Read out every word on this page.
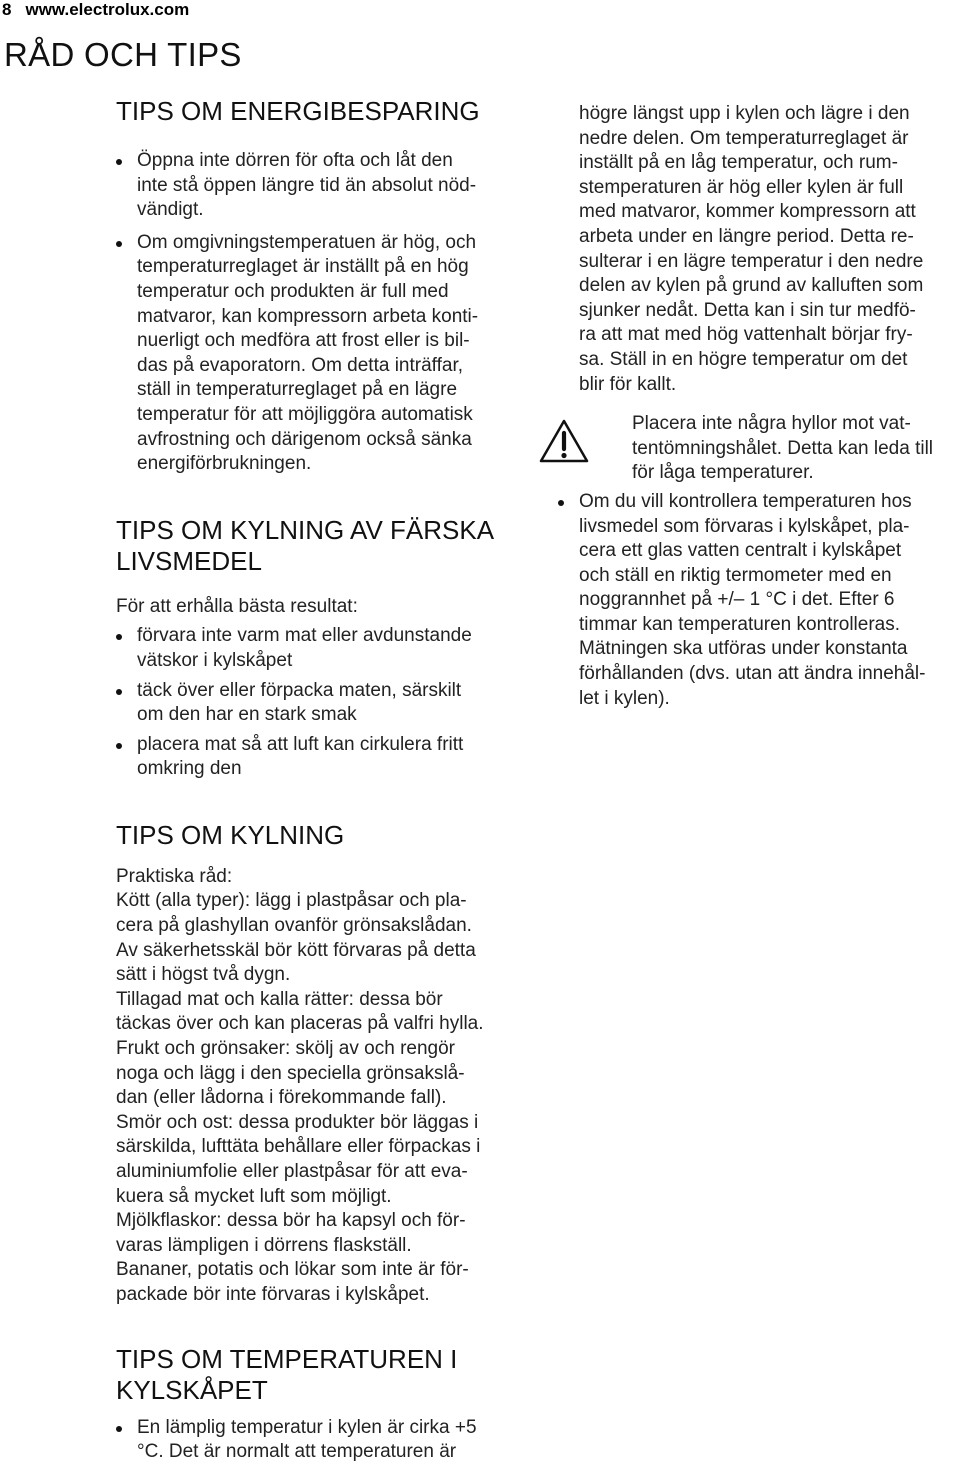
8 www.electrolux.com
RÅD OCH TIPS
TIPS OM ENERGIBESPARING
Öppna inte dörren för ofta och låt den
inte stå öppen längre tid än absolut nöd-
vändigt.
Om omgivningstemperatuen är hög, och
temperaturreglaget är inställt på en hög
temperatur och produkten är full med
matvaror, kan kompressorn arbeta konti-
nuerligt och medföra att frost eller is bil-
das på evaporatorn. Om detta inträffar,
ställ in temperaturreglaget på en lägre
temperatur för att möjliggöra automatisk
avfrostning och därigenom också sänka
energiförbrukningen.
TIPS OM KYLNING AV FÄRSKA
LIVSMEDEL
För att erhålla bästa resultat:
förvara inte varm mat eller avdunstande
vätskor i kylskåpet
täck över eller förpacka maten, särskilt
om den har en stark smak
placera mat så att luft kan cirkulera fritt
omkring den
TIPS OM KYLNING
Praktiska råd:
Kött (alla typer): lägg i plastpåsar och pla-
cera på glashyllan ovanför grönsakslådan.
Av säkerhetsskäl bör kött förvaras på detta
sätt i högst två dygn.
Tillagad mat och kalla rätter: dessa bör
täckas över och kan placeras på valfri hylla.
Frukt och grönsaker: skölj av och rengör
noga och lägg i den speciella grönsakslå-
dan (eller lådorna i förekommande fall).
Smör och ost: dessa produkter bör läggas i
särskilda, lufttäta behållare eller förpackas i
aluminiumfolie eller plastpåsar för att eva-
kuera så mycket luft som möjligt.
Mjölkflaskor: dessa bör ha kapsyl och för-
varas lämpligen i dörrens flaskställ.
Bananer, potatis och lökar som inte är för-
packade bör inte förvaras i kylskåpet.
TIPS OM TEMPERATUREN I
KYLSKÅPET
En lämplig temperatur i kylen är cirka +5
°C. Det är normalt att temperaturen är
högre längst upp i kylen och lägre i den
nedre delen. Om temperaturreglaget är
inställt på en låg temperatur, och rum-
stemperaturen är hög eller kylen är full
med matvaror, kommer kompressorn att
arbeta under en längre period. Detta re-
sulterar i en lägre temperatur i den nedre
delen av kylen på grund av kalluften som
sjunker nedåt. Detta kan i sin tur medfö-
ra att mat med hög vattenhalt börjar fry-
sa. Ställ in en högre temperatur om det
blir för kallt.
Placera inte några hyllor mot vat-
tentömningshålet. Detta kan leda till
för låga temperaturer.
Om du vill kontrollera temperaturen hos
livsmedel som förvaras i kylskåpet, pla-
cera ett glas vatten centralt i kylskåpet
och ställ en riktig termometer med en
noggrannhet på +/– 1 °C i det. Efter 6
timmar kan temperaturen kontrolleras.
Mätningen ska utföras under konstanta
förhållanden (dvs. utan att ändra innehål-
let i kylen).
